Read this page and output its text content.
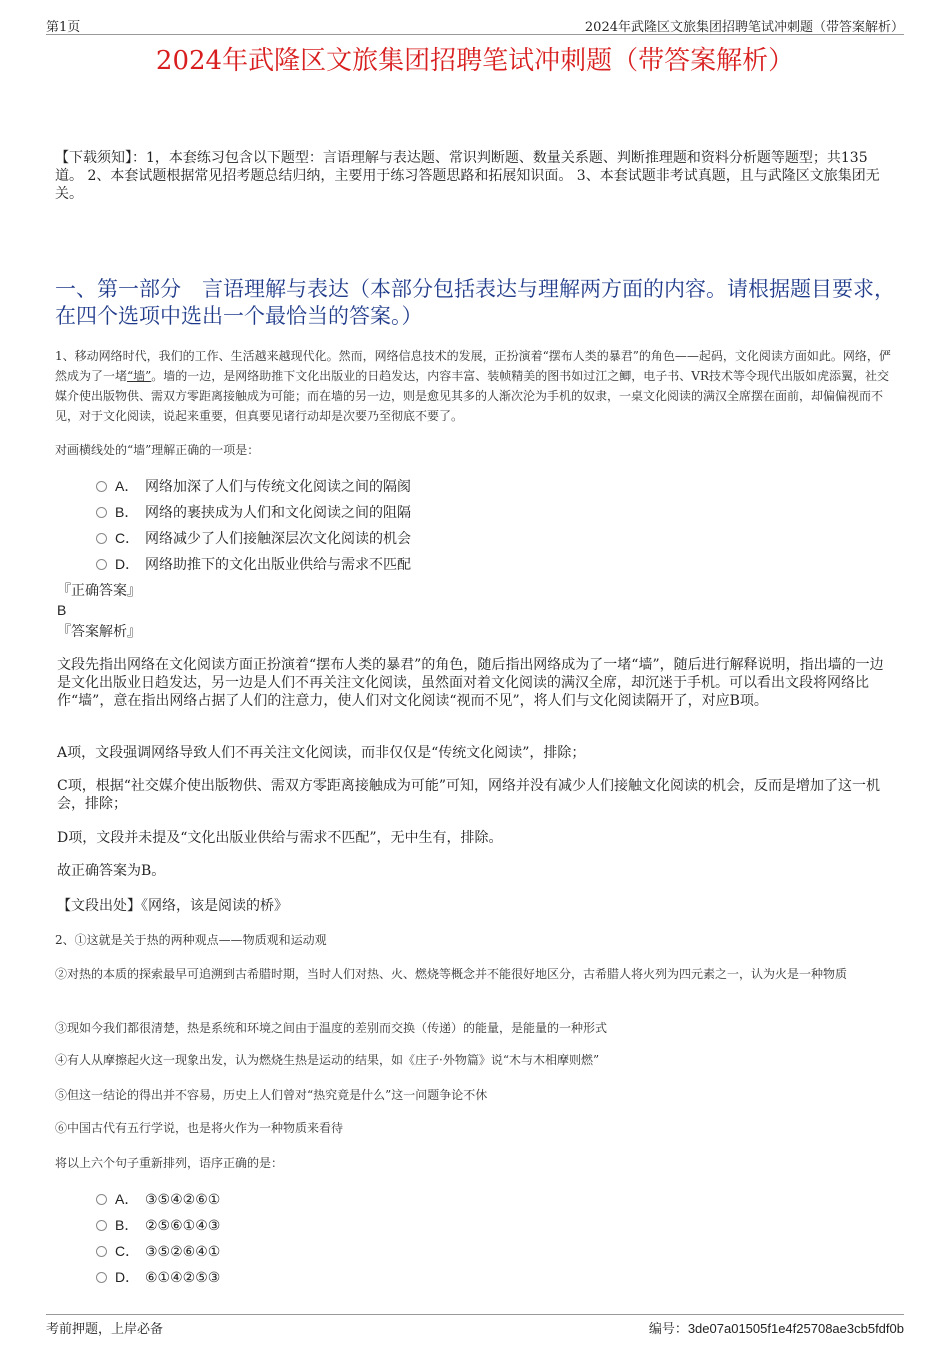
第1页	2024年武隆区文旅集团招聘笔试冲刺题（带答案解析）
2024年武隆区文旅集团招聘笔试冲刺题（带答案解析）
【下载须知】：1，本套练习包含以下题型：言语理解与表达题、常识判断题、数量关系题、判断推理题和资料分析题等题型；共135道。 2、本套试题根据常见招考题总结归纳，主要用于练习答题思路和拓展知识面。 3、本套试题非考试真题，且与武隆区文旅集团无关。
一、第一部分　言语理解与表达（本部分包括表达与理解两方面的内容。请根据题目要求，在四个选项中选出一个最恰当的答案。）

1、移动网络时代，我们的工作、生活越来越现代化。然而，网络信息技术的发展，正扮演着“摆布人类的暴君”的角色——起码，文化阅读方面如此。网络，俨然成为了一堵“墙”。墙的一边，是网络助推下文化出版业的日趋发达，内容丰富、装帧精美的图书如过江之鲫，电子书、VR技术等令现代出版如虎添翼，社交媒介使出版物供、需双方零距离接触成为可能；而在墙的另一边，则是愈见其多的人渐次沦为手机的奴隶，一桌文化阅读的满汉全席摆在面前，却偏偏视而不见，对于文化阅读，说起来重要，但真要见诸行动却是次要乃至彻底不要了。

对画横线处的“墙”理解正确的一项是：

A． 网络加深了人们与传统文化阅读之间的隔阂
B． 网络的裹挟成为人们和文化阅读之间的阻隔
C． 网络减少了人们接触深层次文化阅读的机会
D． 网络助推下的文化出版业供给与需求不匹配

『正确答案』

B

『答案解析』

文段先指出网络在文化阅读方面正扮演着“摆布人类的暴君”的角色，随后指出网络成为了一堵“墙”，随后进行解释说明，指出墙的一边是文化出版业日趋发达，另一边是人们不再关注文化阅读，虽然面对着文化阅读的满汉全席，却沉迷于手机。可以看出文段将网络比作“墙”，意在指出网络占据了人们的注意力，使人们对文化阅读“视而不见”，将人们与文化阅读隔开了，对应B项。

A项，文段强调网络导致人们不再关注文化阅读，而非仅仅是“传统文化阅读”，排除；

C项，根据“社交媒介使出版物供、需双方零距离接触成为可能”可知，网络并没有减少人们接触文化阅读的机会，反而是增加了这一机会，排除；

D项，文段并未提及“文化出版业供给与需求不匹配”，无中生有，排除。

故正确答案为B。

【文段出处】《网络，该是阅读的桥》

2、①这就是关于热的两种观点——物质观和运动观

②对热的本质的探索最早可追溯到古希腊时期，当时人们对热、火、燃烧等概念并不能很好地区分，古希腊人将火列为四元素之一，认为火是一种物质

③现如今我们都很清楚，热是系统和环境之间由于温度的差别而交换（传递）的能量，是能量的一种形式

④有人从摩擦起火这一现象出发，认为燃烧生热是运动的结果，如《庄子·外物篇》说“木与木相摩则燃”

⑤但这一结论的得出并不容易，历史上人们曾对“热究竟是什么”这一问题争论不休

⑥中国古代有五行学说，也是将火作为一种物质来看待

将以上六个句子重新排列，语序正确的是：

A． ③⑤④②⑥①
B． ②⑤⑥①④③
C． ③⑤②⑥④①
D． ⑥①④②⑤③
考前押题，上岸必备	编号：3de07a01505f1e4f25708ae3cb5fdf0b
